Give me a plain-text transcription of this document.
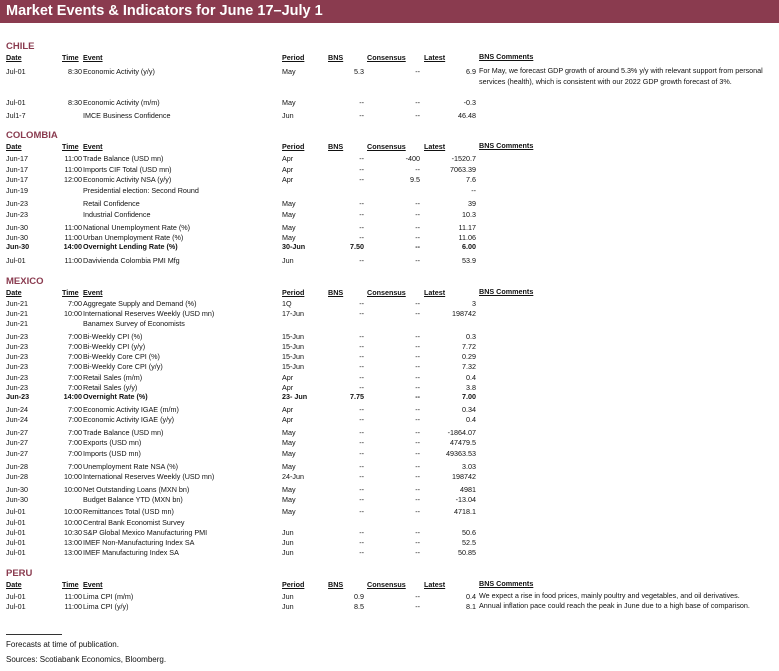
Market Events & Indicators for June 17–July 1
CHILE
Date	Time Event	Period	BNS	Consensus	Latest	BNS Comments
Jul-01	8:30 Economic Activity (y/y)	May	5.3	--	6.9 For May, we forecast GDP growth of around 5.3% y/y with relevant support from personal services (health), which is consistent with our 2022 GDP growth forecast of 3%.
Jul-01	8:30 Economic Activity (m/m)	May	--	--	-0.3
Jul1-7	IMCE Business Confidence	Jun	--	--	46.48
COLOMBIA
Date	Time Event	Period	BNS	Consensus	Latest	BNS Comments
Jun-17	11:00 Trade Balance (USD mn)	Apr	--	-400	-1520.7
Jun-17	11:00 Imports CIF Total (USD mn)	Apr	--	--	7063.39
Jun-17	12:00 Economic Activity NSA (y/y)	Apr	--	9.5	7.6
Jun-19	Presidential election: Second Round	--
Jun-23	Retail Confidence	May	--	--	39
Jun-23	Industrial Confidence	May	--	--	10.3
Jun-30	11:00 National Unemployment Rate (%)	May	--	--	11.17
Jun-30	11:00 Urban Unemployment Rate (%)	May	--	--	11.06
Jun-30	14:00 Overnight Lending Rate (%)	30-Jun	7.50	--	6.00
Jul-01	11:00 Davivienda Colombia PMI Mfg	Jun	--	--	53.9
MEXICO
Date	Time Event	Period	BNS	Consensus	Latest	BNS Comments
Jun-21	7:00 Aggregate Supply and Demand (%)	1Q	--	--	3
Jun-21	10:00 International Reserves Weekly (USD mn)	17-Jun	--	--	198742
Jun-21	Banamex Survey of Economists
Jun-23	7:00 Bi-Weekly CPI (%)	15-Jun	--	--	0.3
Jun-23	7:00 Bi-Weekly CPI (y/y)	15-Jun	--	--	7.72
Jun-23	7:00 Bi-Weekly Core CPI (%)	15-Jun	--	--	0.29
Jun-23	7:00 Bi-Weekly Core CPI (y/y)	15-Jun	--	--	7.32
Jun-23	7:00 Retail Sales (m/m)	Apr	--	--	0.4
Jun-23	7:00 Retail Sales (y/y)	Apr	--	--	3.8
Jun-23	14:00 Overnight Rate (%)	23- Jun	7.75	--	7.00
Jun-24	7:00 Economic Activity IGAE (m/m)	Apr	--	--	0.34
Jun-24	7:00 Economic Activity IGAE (y/y)	Apr	--	--	0.4
Jun-27	7:00 Trade Balance (USD mn)	May	--	--	-1864.07
Jun-27	7:00 Exports (USD mn)	May	--	--	47479.5
Jun-27	7:00 Imports (USD mn)	May	--	--	49363.53
Jun-28	7:00 Unemployment Rate NSA (%)	May	--	--	3.03
Jun-28	10:00 International Reserves Weekly (USD mn)	24-Jun	--	--	198742
Jun-30	10:00 Net Outstanding Loans (MXN bn)	May	--	--	4981
Jun-30	Budget Balance YTD (MXN bn)	May	--	--	-13.04
Jul-01	10:00 Remittances Total (USD mn)	May	--	--	4718.1
Jul-01	10:00 Central Bank Economist Survey
Jul-01	10:30 S&P Global Mexico Manufacturing PMI	Jun	--	--	50.6
Jul-01	13:00 IMEF Non-Manufacturing Index SA	Jun	--	--	52.5
Jul-01	13:00 IMEF Manufacturing Index SA	Jun	--	--	50.85
PERU
Date	Time Event	Period	BNS	Consensus	Latest	BNS Comments
Jul-01	11:00 Lima CPI (m/m)	Jun	0.9	--	0.4 We expect a rise in food prices, mainly poultry and vegetables, and oil derivatives.
Jul-01	11:00 Lima CPI (y/y)	Jun	8.5	--	8.1 Annual inflation pace could reach the peak in June due to a high base of comparison.
Forecasts at time of publication.
Sources: Scotiabank Economics, Bloomberg.
